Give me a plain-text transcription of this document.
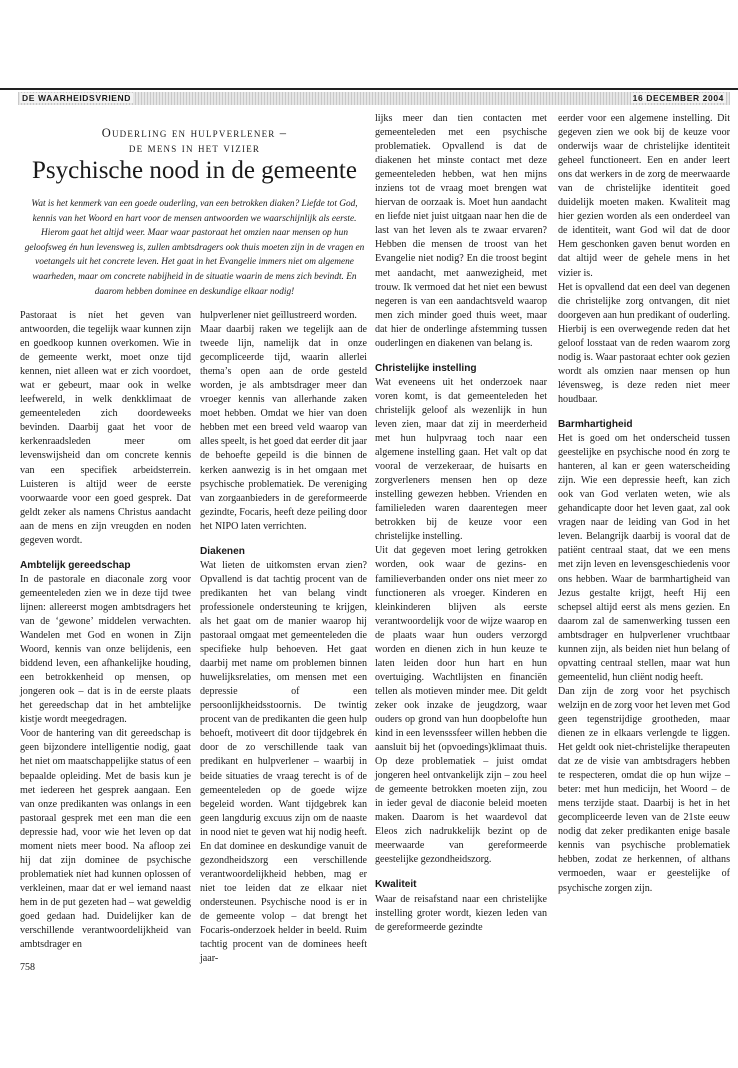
DE WAARHEIDSVRIEND	16 DECEMBER 2004
Ouderling en hulpverlener –
de mens in het vizier
Psychische nood in de gemeente
Wat is het kenmerk van een goede ouderling, van een betrokken diaken? Liefde tot God, kennis van het Woord en hart voor de mensen antwoorden we waarschijnlijk als eerste. Hierom gaat het altijd weer. Maar waar pastoraat het omzien naar mensen op hun geloofsweg én hun levensweg is, zullen ambtsdragers ook thuis moeten zijn in de vragen en voetangels uit het concrete leven. Het gaat in het Evangelie immers niet om algemene waarheden, maar om concrete nabijheid in de situatie waarin de mens zich bevindt. En daarom hebben dominee en deskundige elkaar nodig!

Pastoraat is níet het geven van antwoorden, die tegelijk waar kunnen zijn en goedkoop kunnen overkomen. Wie in de gemeente werkt, moet onze tijd kennen, niet alleen wat er zich voordoet, wat er gebeurt, maar ook in welke leefwereld, in welk denkklimaat de gemeenteleden zich doordeweeks bevinden. Daarbij gaat het voor de kerkenraadsleden meer om levenswijsheid dan om concrete kennis van een specifiek arbeidsterrein. Luisteren is altijd weer de eerste voorwaarde voor een goed gesprek. Dat geldt zeker als namens Christus aandacht aan de mens en zijn vreugden en noden gegeven wordt.

Ambtelijk gereedschap

In de pastorale en diaconale zorg voor gemeenteleden zien we in deze tijd twee lijnen: allereerst mogen ambtsdragers het van de ‘gewone’ middelen verwachten. Wandelen met God en wonen in Zijn Woord, kennis van onze belijdenis, een biddend leven, een afhankelijke houding, een betrokkenheid op mensen, op jongeren ook – dat is in de eerste plaats het gereedschap dat in het ambtelijke kistje wordt meegedragen.

Voor de hantering van dit gereedschap is geen bijzondere intelligentie nodig, gaat het niet om maatschappelijke status of een bepaalde opleiding. Met de basis kun je met iedereen het gesprek aangaan. Een van onze predikanten was onlangs in een pastoraal gesprek met een man die een depressie had, voor wie het leven op dat moment niets meer bood. Na afloop zei hij dat zijn dominee de psychische problematiek níet had kunnen oplossen of verkleinen, maar dat er wel iemand naast hem in de put gezeten had – wat geweldig goed gedaan had. Duidelijker kan de verschillende verantwoordelijkheid van ambtsdrager en

hulpverlener niet geïllustreerd worden.

Maar daarbij raken we tegelijk aan de tweede lijn, namelijk dat in onze gecompliceerde tijd, waarin allerlei thema’s open aan de orde gesteld worden, je als ambtsdrager meer dan vroeger kennis van allerhande zaken moet hebben. Omdat we hier van doen hebben met een breed veld waarop van alles speelt, is het goed dat eerder dit jaar de behoefte gepeild is die binnen de kerken aanwezig is in het omgaan met psychische problematiek. De vereniging van zorgaanbieders in de gereformeerde gezindte, Focaris, heeft deze peiling door het NIPO laten verrichten.

Diakenen

Wat lieten de uitkomsten ervan zien? Opvallend is dat tachtig procent van de predikanten het van belang vindt professionele ondersteuning te krijgen, als het gaat om de manier waarop hij pastoraal omgaat met gemeenteleden die specifieke hulp behoeven. Het gaat daarbij met name om problemen binnen huwelijksrelaties, om mensen met een depressie of een persoonlijkheidsstoornis. De twintig procent van de predikanten die geen hulp behoeft, motiveert dit door tijdgebrek én door de zo verschillende taak van predikant en hulpverlener – waarbij in beide situaties de vraag terecht is of de gemeenteleden op de goede wijze begeleid worden. Want tijdgebrek kan geen langdurig excuus zijn om de naaste in nood niet te geven wat hij nodig heeft. En dat dominee en deskundige vanuit de gezondheidszorg een verschillende verantwoordelijkheid hebben, mag er niet toe leiden dat ze elkaar niet ondersteunen. Psychische nood is er in de gemeente volop – dat brengt het Focaris-onderzoek helder in beeld. Ruim tachtig procent van de dominees heeft jaar-

lijks meer dan tien contacten met gemeenteleden met een psychische problematiek. Opvallend is dat de diakenen het minste contact met deze gemeenteleden hebben, wat hen mijns inziens tot de vraag moet brengen wat hiervan de oorzaak is. Moet hun aandacht en liefde niet juist uitgaan naar hen die de last van het leven als te zwaar ervaren? Hebben die mensen de troost van het Evangelie niet nodig? En die troost begint met aandacht, met aanwezigheid, met trouw. Ik vermoed dat het niet een bewust negeren is van een aandachtsveld waarop men zich minder goed thuis weet, maar dat hier de onderlinge afstemming tussen ouderlingen en diakenen van belang is.

Christelijke instelling

Wat eveneens uit het onderzoek naar voren komt, is dat gemeenteleden het christelijk geloof als wezenlijk in hun leven zien, maar dat zij in meerderheid met hun hulpvraag toch naar een algemene instelling gaan. Het valt op dat vooral de verzekeraar, de huisarts en zorgverleners mensen hen op deze instelling gewezen hebben. Vrienden en familieleden waren daarentegen meer betrokken bij de keuze voor een christelijke instelling.

Uit dat gegeven moet lering getrokken worden, ook waar de gezins- en familieverbanden onder ons niet meer zo functioneren als vroeger. Kinderen en kleinkinderen blijven als eerste verantwoordelijk voor de wijze waarop en de plaats waar hun ouders verzorgd worden en dienen zich in hun keuze te laten leiden door hun hart en hun overtuiging. Wachtlijsten en financiën tellen als motieven minder mee. Dit geldt zeker ook inzake de jeugdzorg, waar ouders op grond van hun doopbelofte hun kind in een levensssfeer willen hebben die aansluit bij het (opvoedings)klimaat thuis. Op deze problematiek – juist omdat jongeren heel ontvankelijk zijn – zou heel de gemeente betrokken moeten zijn, zou in ieder geval de diaconie beleid moeten maken. Daarom is het waardevol dat Eleos zich nadrukkelijk bezint op de meerwaarde van gereformeerde geestelijke gezondheidszorg.

Kwaliteit

Waar de reisafstand naar een christelijke instelling groter wordt, kiezen leden van de gereformeerde gezindte

eerder voor een algemene instelling. Dit gegeven zien we ook bij de keuze voor onderwijs waar de christelijke identiteit geheel functioneert. Een en ander leert ons dat werkers in de zorg de meerwaarde van de christelijke identiteit goed duidelijk moeten maken. Kwaliteit mag hier gezien worden als een onderdeel van de identiteit, want God wil dat de door Hem geschonken gaven benut worden en dat altijd weer de gehele mens in het vizier is.

Het is opvallend dat een deel van degenen die christelijke zorg ontvangen, dit niet doorgeven aan hun predikant of ouderling. Hierbij is een overwegende reden dat het geloof losstaat van de reden waarom zorg nodig is. Waar pastoraat echter ook gezien wordt als omzien naar mensen op hun lévensweg, is deze reden niet meer houdbaar.

Barmhartigheid

Het is goed om het onderscheid tussen geestelijke en psychische nood én zorg te hanteren, al kan er geen waterscheiding zijn. Wie een depressie heeft, kan zich ook van God verlaten weten, wie als gehandicapte door het leven gaat, zal ook vragen naar de leiding van God in het leven. Belangrijk daarbij is vooral dat de patiënt centraal staat, dat we een mens met zijn leven en levensgeschiedenis voor ons hebben. Waar de barmhartigheid van Jezus gestalte krijgt, heeft Hij een schepsel altijd eerst als mens gezien. En daarom zal de samenwerking tussen een ambtsdrager en hulpverlener vruchtbaar kunnen zijn, als beiden niet hun belang of opvatting centraal stellen, maar wat hun gemeentelid, hun cliënt nodig heeft.

Dan zijn de zorg voor het psychisch welzijn en de zorg voor het leven met God geen tegenstrijdige grootheden, maar dienen ze in elkaars verlengde te liggen. Het geldt ook niet-christelijke therapeuten dat ze de visie van ambtsdragers hebben te respecteren, omdat die op hun wijze – beter: met hun medicijn, het Woord – de mens terzijde staat. Daarbij is het in het gecompliceerde leven van de 21ste eeuw nodig dat zeker predikanten enige basale kennis van psychische problematiek hebben, zodat ze herkennen, of althans vermoeden, waar er geestelijke of psychische zorgen zijn.

758
